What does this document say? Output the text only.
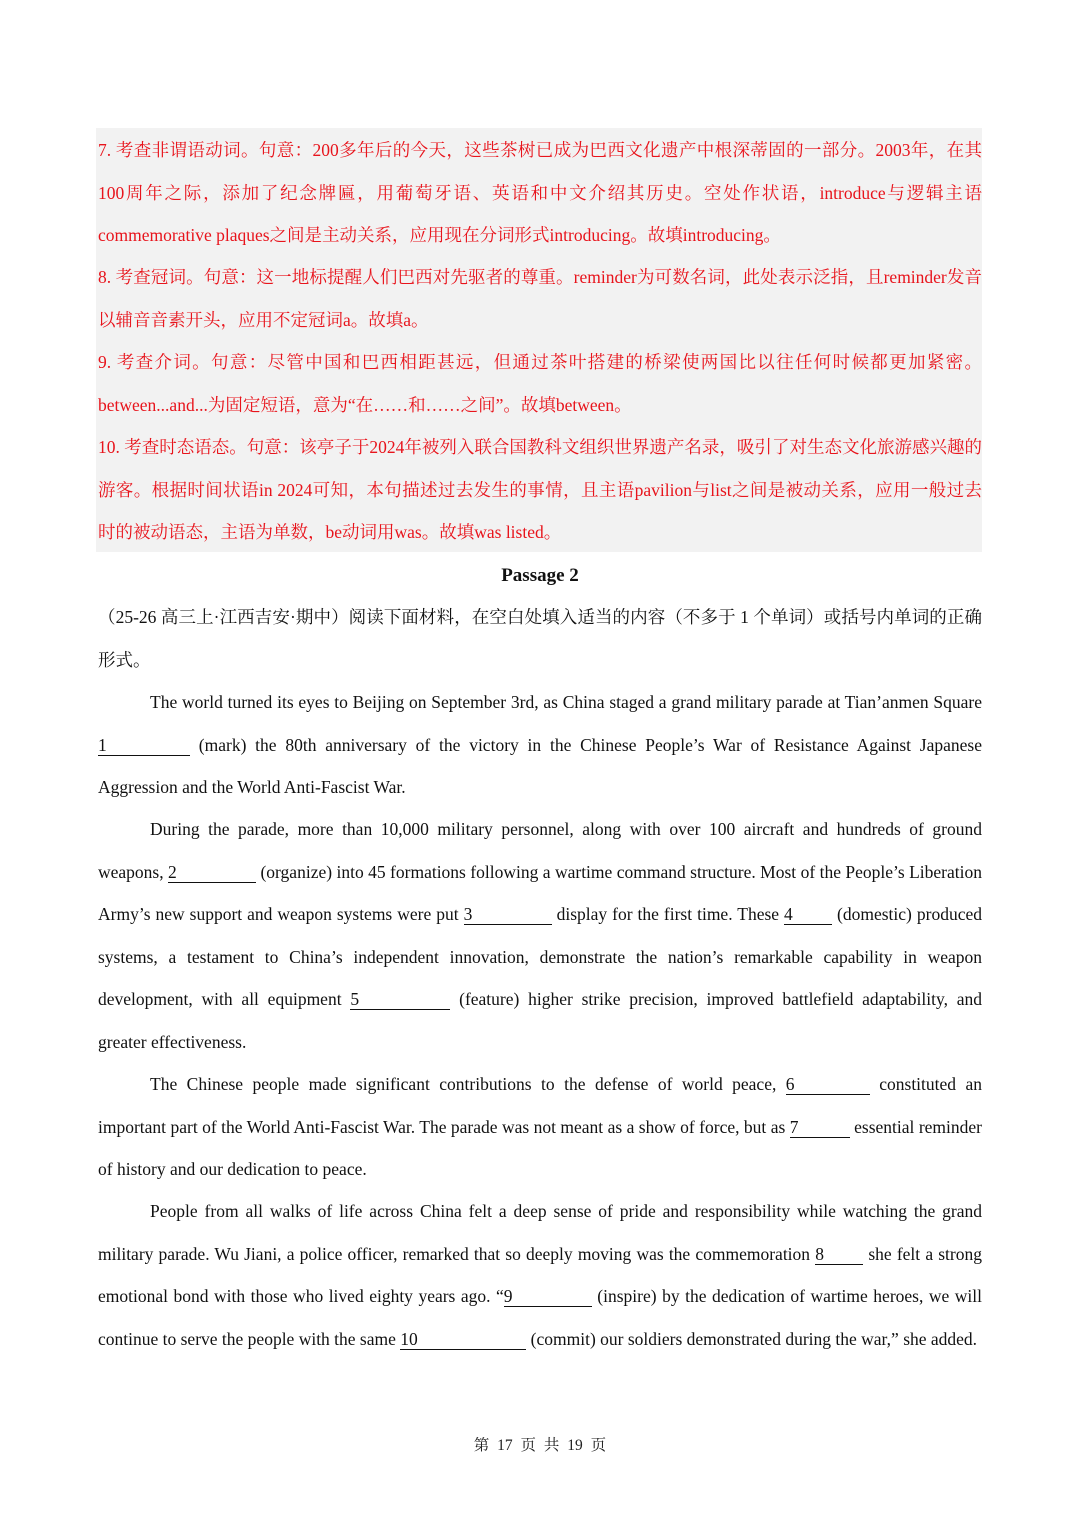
7. 考查非谓语动词。句意：200多年后的今天，这些茶树已成为巴西文化遗产中根深蒂固的一部分。2003年，在其100周年之际，添加了纪念牌匾，用葡萄牙语、英语和中文介绍其历史。空处作状语，introduce与逻辑主语commemorative plaques之间是主动关系，应用现在分词形式introducing。故填introducing。

8. 考查冠词。句意：这一地标提醒人们巴西对先驱者的尊重。reminder为可数名词，此处表示泛指，且reminder发音以辅音音素开头，应用不定冠词a。故填a。

9. 考查介词。句意：尽管中国和巴西相距甚远，但通过茶叶搭建的桥梁使两国比以往任何时候都更加紧密。between...and...为固定短语，意为“在……和……之间”。故填between。

10. 考查时态语态。句意：该亭子于2024年被列入联合国教科文组织世界遗产名录，吸引了对生态文化旅游感兴趣的游客。根据时间状语in 2024可知，本句描述过去发生的事情，且主语pavilion与list之间是被动关系，应用一般过去时的被动语态，主语为单数，be动词用was。故填was listed。

Passage 2

（25-26 高三上·江西吉安·期中）阅读下面材料，在空白处填入适当的内容（不多于 1 个单词）或括号内单词的正确形式。

The world turned its eyes to Beijing on September 3rd, as China staged a grand military parade at Tian’anmen Square 1	(mark) the 80th anniversary of the victory in the Chinese People’s War of Resistance Against Japanese Aggression and the World Anti-Fascist War.

During the parade, more than 10,000 military personnel, along with over 100 aircraft and hundreds of ground weapons, 2	(organize) into 45 formations following a wartime command structure. Most of the People’s Liberation Army’s new support and weapon systems were put 3	display for the first time. These 4 (domestic) produced systems, a testament to China’s independent innovation, demonstrate the nation’s remarkable capability in weapon development, with all equipment 5	(feature) higher strike precision, improved battlefield adaptability, and greater effectiveness.

The Chinese people made significant contributions to the defense of world peace, 6	constituted an important part of the World Anti-Fascist War. The parade was not meant as a show of force, but as 7	essential reminder of history and our dedication to peace.

People from all walks of life across China felt a deep sense of pride and responsibility while watching the grand military parade. Wu Jiani, a police officer, remarked that so deeply moving was the commemoration 8 she felt a strong emotional bond with those who lived eighty years ago. “9	(inspire) by the dedication of wartime heroes, we will continue to serve the people with the same 10	(commit) our soldiers demonstrated during the war,” she added.

第 17 页 共 19 页
